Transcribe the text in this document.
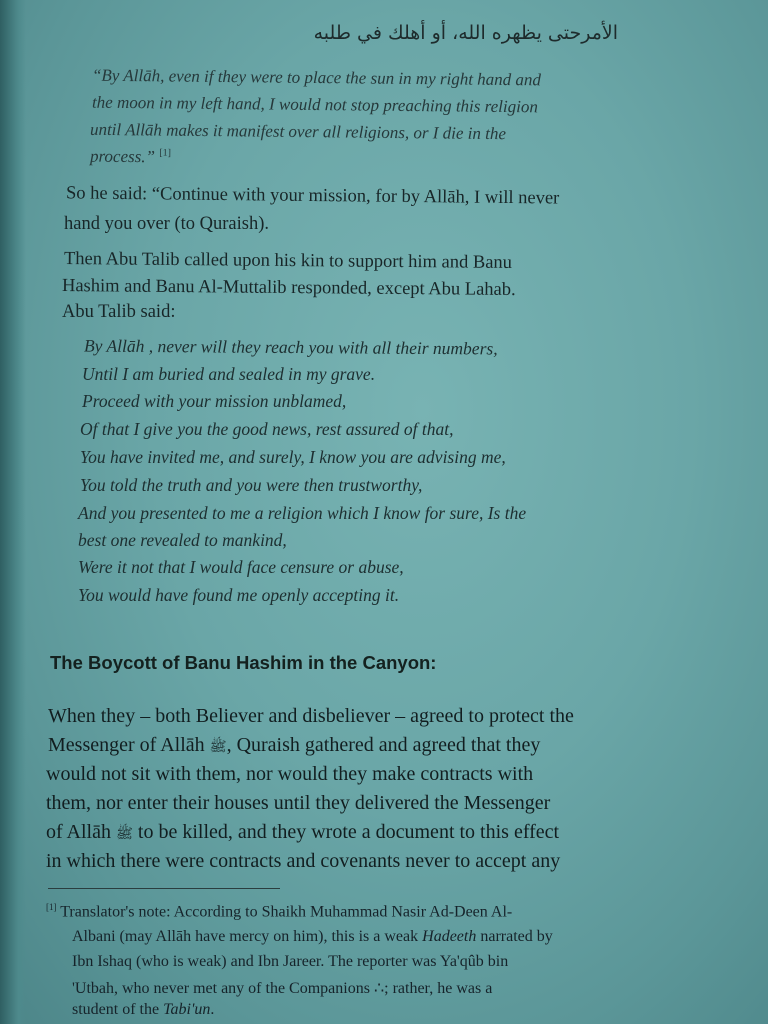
الأمرحتى يظهره الله، أو أهلك في طلبه
“By Allāh, even if they were to place the sun in my right hand and
the moon in my left hand, I would not stop preaching this religion
until Allāh makes it manifest over all religions, or I die in the
process.” [1]
So he said: “Continue with your mission, for by Allāh, I will never
hand you over (to Quraish).
Then Abu Talib called upon his kin to support him and Banu
Hashim and Banu Al-Muttalib responded, except Abu Lahab.
Abu Talib said:
By Allāh , never will they reach you with all their numbers,
Until I am buried and sealed in my grave.
Proceed with your mission unblamed,
Of that I give you the good news, rest assured of that,
You have invited me, and surely, I know you are advising me,
You told the truth and you were then trustworthy,
And you presented to me a religion which I know for sure, Is the
best one revealed to mankind,
Were it not that I would face censure or abuse,
You would have found me openly accepting it.
The Boycott of Banu Hashim in the Canyon:
When they – both Believer and disbeliever – agreed to protect the
Messenger of Allāh ﷺ, Quraish gathered and agreed that they
would not sit with them, nor would they make contracts with
them, nor enter their houses until they delivered the Messenger
of Allāh ﷺ to be killed, and they wrote a document to this effect
in which there were contracts and covenants never to accept any
[1] Translator's note: According to Shaikh Muhammad Nasir Ad-Deen Al-
Albani (may Allāh have mercy on him), this is a weak Hadeeth narrated by
Ibn Ishaq (who is weak) and Ibn Jareer. The reporter was Ya'qûb bin
'Utbah, who never met any of the Companions ∴; rather, he was a
student of the Tabi'un.
